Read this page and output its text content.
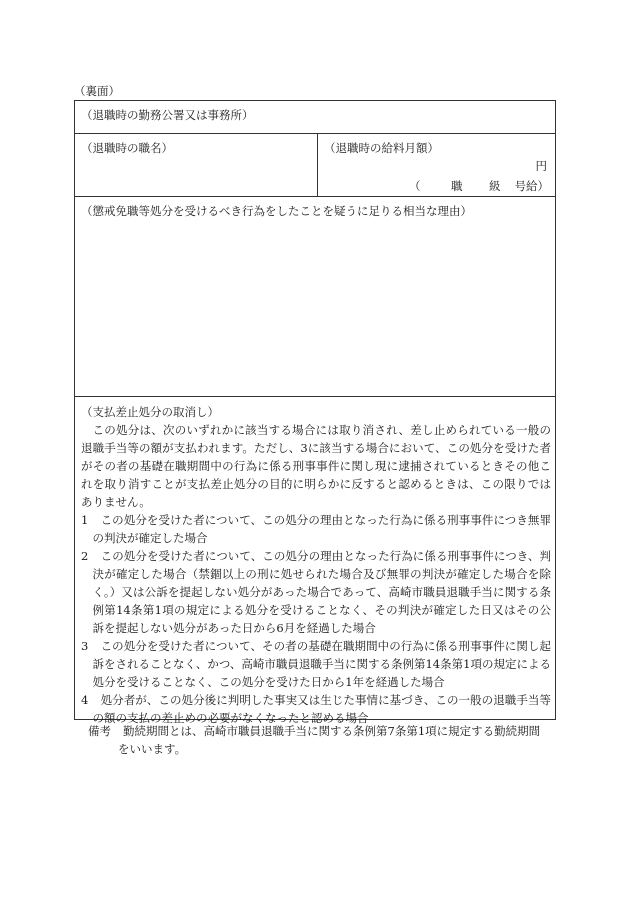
（裏面）
（退職時の勤務公署又は事務所）
（退職時の職名）	（退職時の給料月額）
円
（	職 級 号給）
（懲戒免職等処分を受けるべき行為をしたことを疑うに足りる相当な理由）

（支払差止処分の取消し）

この処分は、次のいずれかに該当する場合には取り消され、差し止められている一般の退職手当等の額が支払われます。ただし、3に該当する場合において、この処分を受けた者がその者の基礎在職期間中の行為に係る刑事事件に関し現に逮捕されているときその他これを取り消すことが支払差止処分の目的に明らかに反すると認めるときは、この限りではありません。

1 この処分を受けた者について、この処分の理由となった行為に係る刑事事件につき無罪の判決が確定した場合

2 この処分を受けた者について、この処分の理由となった行為に係る刑事事件につき、判決が確定した場合（禁錮以上の刑に処せられた場合及び無罪の判決が確定した場合を除く。）又は公訴を提起しない処分があった場合であって、高崎市職員退職手当に関する条例第14条第1項の規定による処分を受けることなく、その判決が確定した日又はその公訴を提起しない処分があった日から6月を経過した場合

3 この処分を受けた者について、その者の基礎在職期間中の行為に係る刑事事件に関し起訴をされることなく、かつ、高崎市職員退職手当に関する条例第14条第1項の規定による処分を受けることなく、この処分を受けた日から1年を経過した場合

4 処分者が、この処分後に判明した事実又は生じた事情に基づき、この一般の退職手当等の額の支払の差止めの必要がなくなったと認める場合

備考 勤続期間とは、高崎市職員退職手当に関する条例第7条第1項に規定する勤続期間
をいいます。
